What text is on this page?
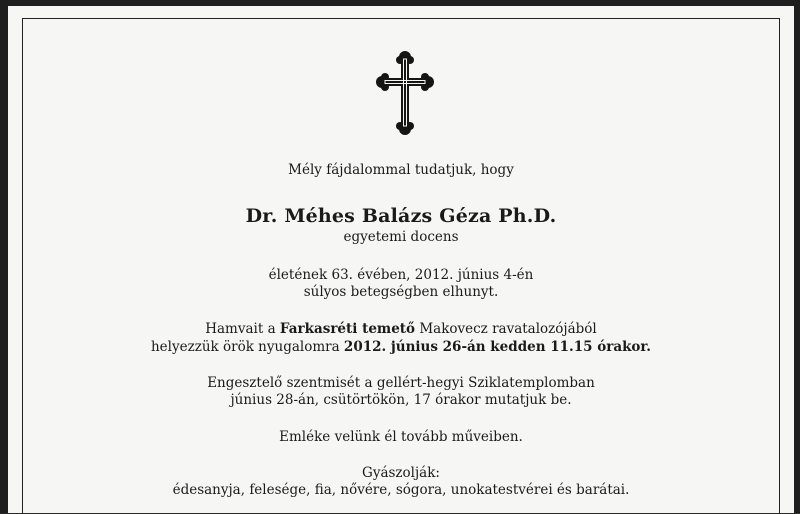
Mély fájdalommal tudatjuk, hogy
Dr. Méhes Balázs Géza Ph.D.
egyetemi docens
életének 63. évében, 2012. június 4-én
súlyos betegségben elhunyt.
Hamvait a Farkasréti temető Makovecz ravatalozójából
helyezzük örök nyugalomra 2012. június 26-án kedden 11.15 órakor.
Engesztelő szentmisét a gellért-hegyi Sziklatemplomban
június 28-án, csütörtökön, 17 órakor mutatjuk be.
Emléke velünk él tovább műveiben.
Gyászolják:
édesanyja, felesége, fia, nővére, sógora, unokatestvérei és barátai.
